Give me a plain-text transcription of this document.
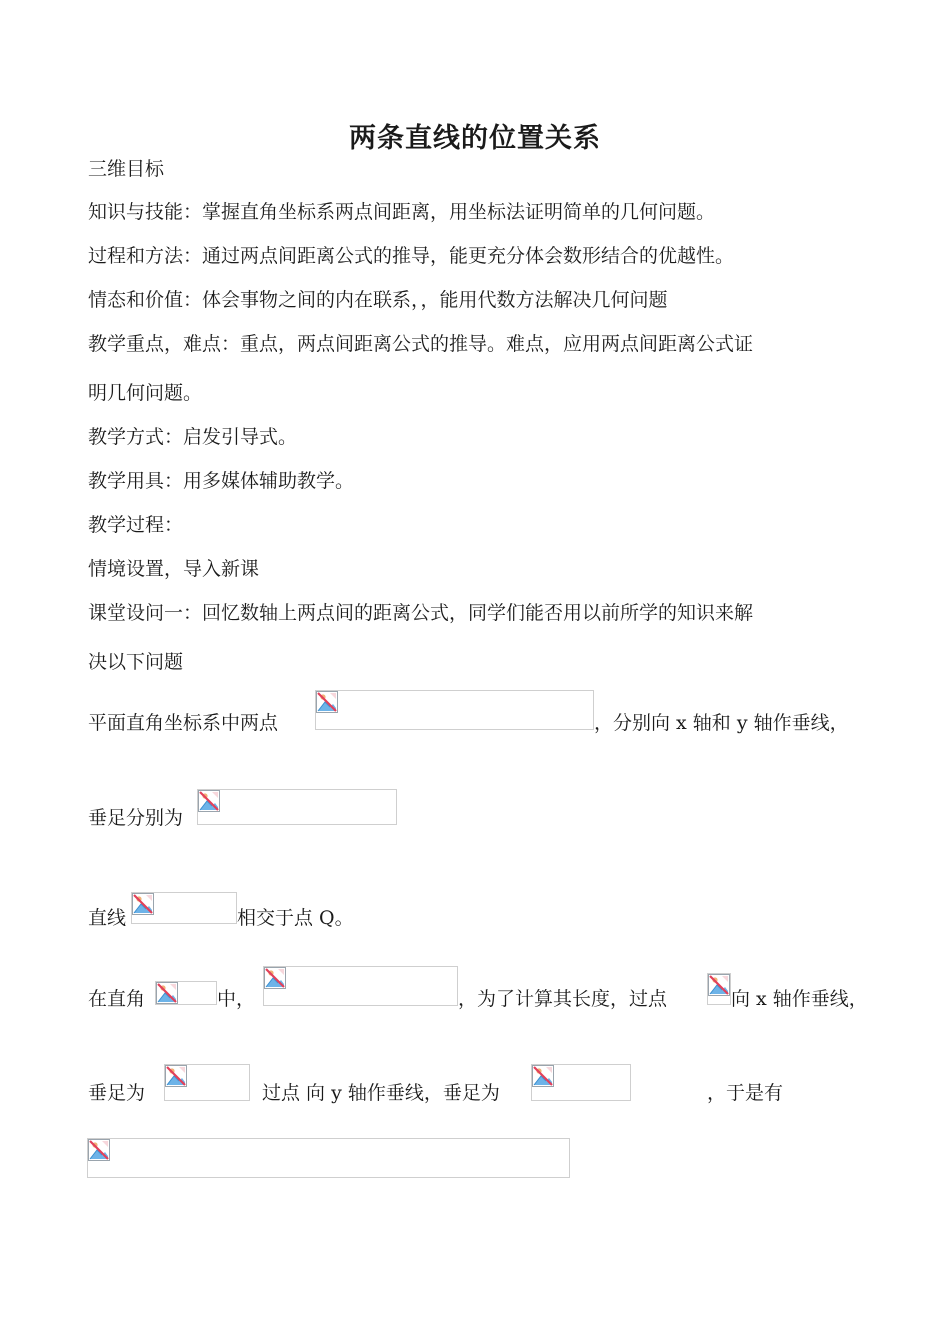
两条直线的位置关系
三维目标
知识与技能：掌握直角坐标系两点间距离，用坐标法证明简单的几何问题。
过程和方法：通过两点间距离公式的推导，能更充分体会数形结合的优越性。
情态和价值：体会事物之间的内在联系，，能用代数方法解决几何问题
教学重点，难点：重点，两点间距离公式的推导。难点，应用两点间距离公式证
明几何问题。
教学方式：启发引导式。
教学用具：用多媒体辅助教学。
教学过程：
情境设置，导入新课
课堂设问一：回忆数轴上两点间的距离公式，同学们能否用以前所学的知识来解
决以下问题
平面直角坐标系中两点	，分别向 x 轴和 y 轴作垂线，
垂足分别为
直线	相交于点 Q。
在直角	中，	，为了计算其长度，过点	向 x 轴作垂线，
垂足为	过点 向 y 轴作垂线，垂足为	，于是有
